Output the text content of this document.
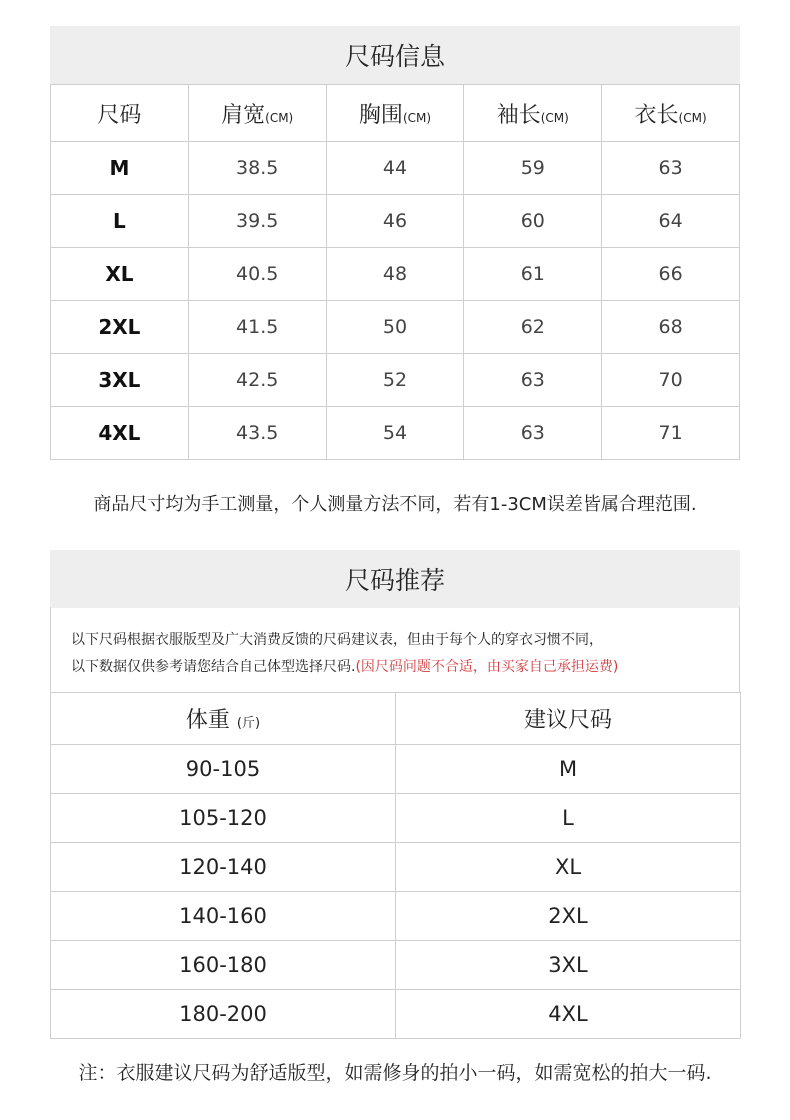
尺码信息
尺码	肩宽(CM)	胸围(CM)	袖长(CM)	衣长(CM)
M	38.5	44	59	63
L	39.5	46	60	64
XL	40.5	48	61	66
2XL	41.5	50	62	68
3XL	42.5	52	63	70
4XL	43.5	54	63	71
商品尺寸均为手工测量，个人测量方法不同，若有1-3CM误差皆属合理范围.
尺码推荐
以下尺码根据衣服版型及广大消费反馈的尺码建议表，但由于每个人的穿衣习惯不同，
以下数据仅供参考请您结合自己体型选择尺码.(因尺码问题不合适，由买家自己承担运费)
体重 (斤)	建议尺码
90-105	M
105-120	L
120-140	XL
140-160	2XL
160-180	3XL
180-200	4XL
注：衣服建议尺码为舒适版型，如需修身的拍小一码，如需宽松的拍大一码.
